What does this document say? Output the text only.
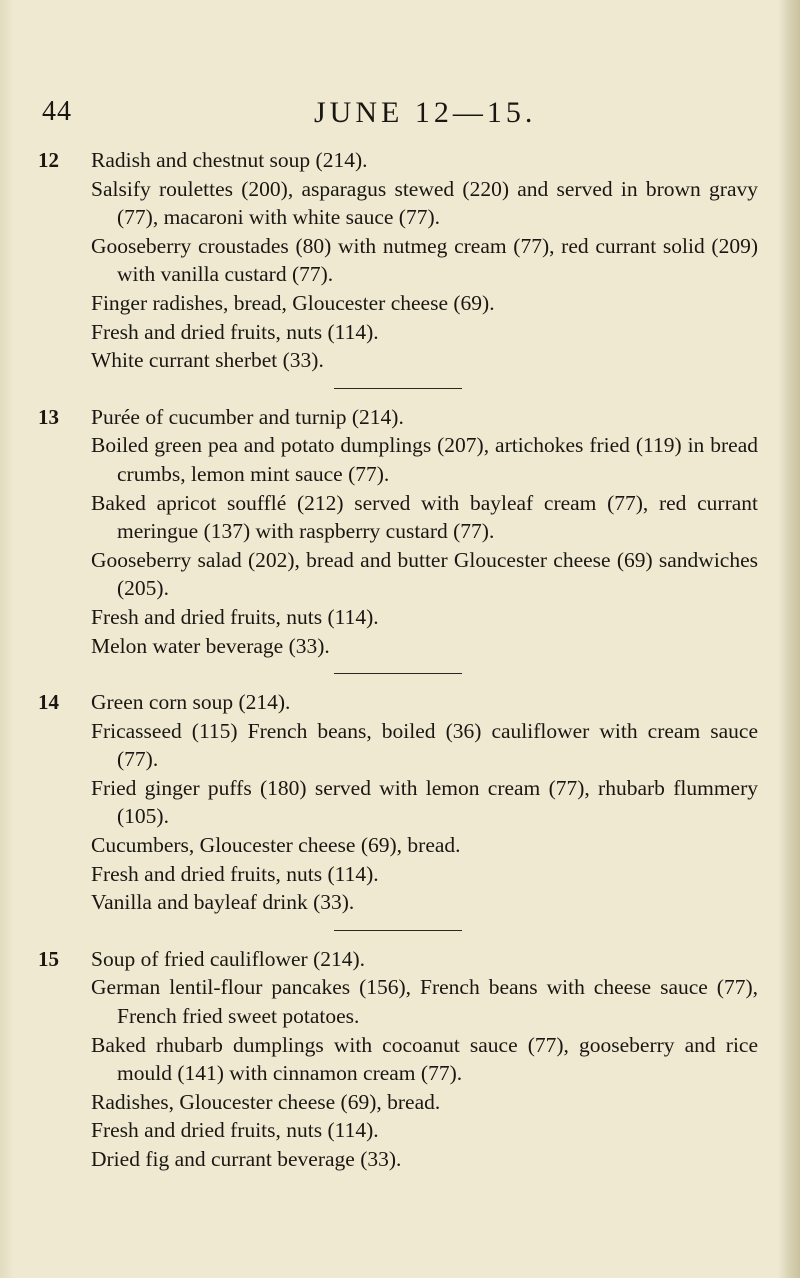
44	JUNE 12—15.
12 Radish and chestnut soup (214).
Salsify roulettes (200), asparagus stewed (220) and served in brown gravy (77), macaroni with white sauce (77).
Gooseberry croustades (80) with nutmeg cream (77), red currant solid (209) with vanilla custard (77).
Finger radishes, bread, Gloucester cheese (69).
Fresh and dried fruits, nuts (114).
White currant sherbet (33).
13 Purée of cucumber and turnip (214).
Boiled green pea and potato dumplings (207), artichokes fried (119) in bread crumbs, lemon mint sauce (77).
Baked apricot soufflé (212) served with bayleaf cream (77), red currant meringue (137) with raspberry custard (77).
Gooseberry salad (202), bread and butter Gloucester cheese (69) sandwiches (205).
Fresh and dried fruits, nuts (114).
Melon water beverage (33).
14 Green corn soup (214).
Fricasseed (115) French beans, boiled (36) cauliflower with cream sauce (77).
Fried ginger puffs (180) served with lemon cream (77), rhubarb flummery (105).
Cucumbers, Gloucester cheese (69), bread.
Fresh and dried fruits, nuts (114).
Vanilla and bayleaf drink (33).
15 Soup of fried cauliflower (214).
German lentil-flour pancakes (156), French beans with cheese sauce (77), French fried sweet potatoes.
Baked rhubarb dumplings with cocoanut sauce (77), gooseberry and rice mould (141) with cinnamon cream (77).
Radishes, Gloucester cheese (69), bread.
Fresh and dried fruits, nuts (114).
Dried fig and currant beverage (33).
